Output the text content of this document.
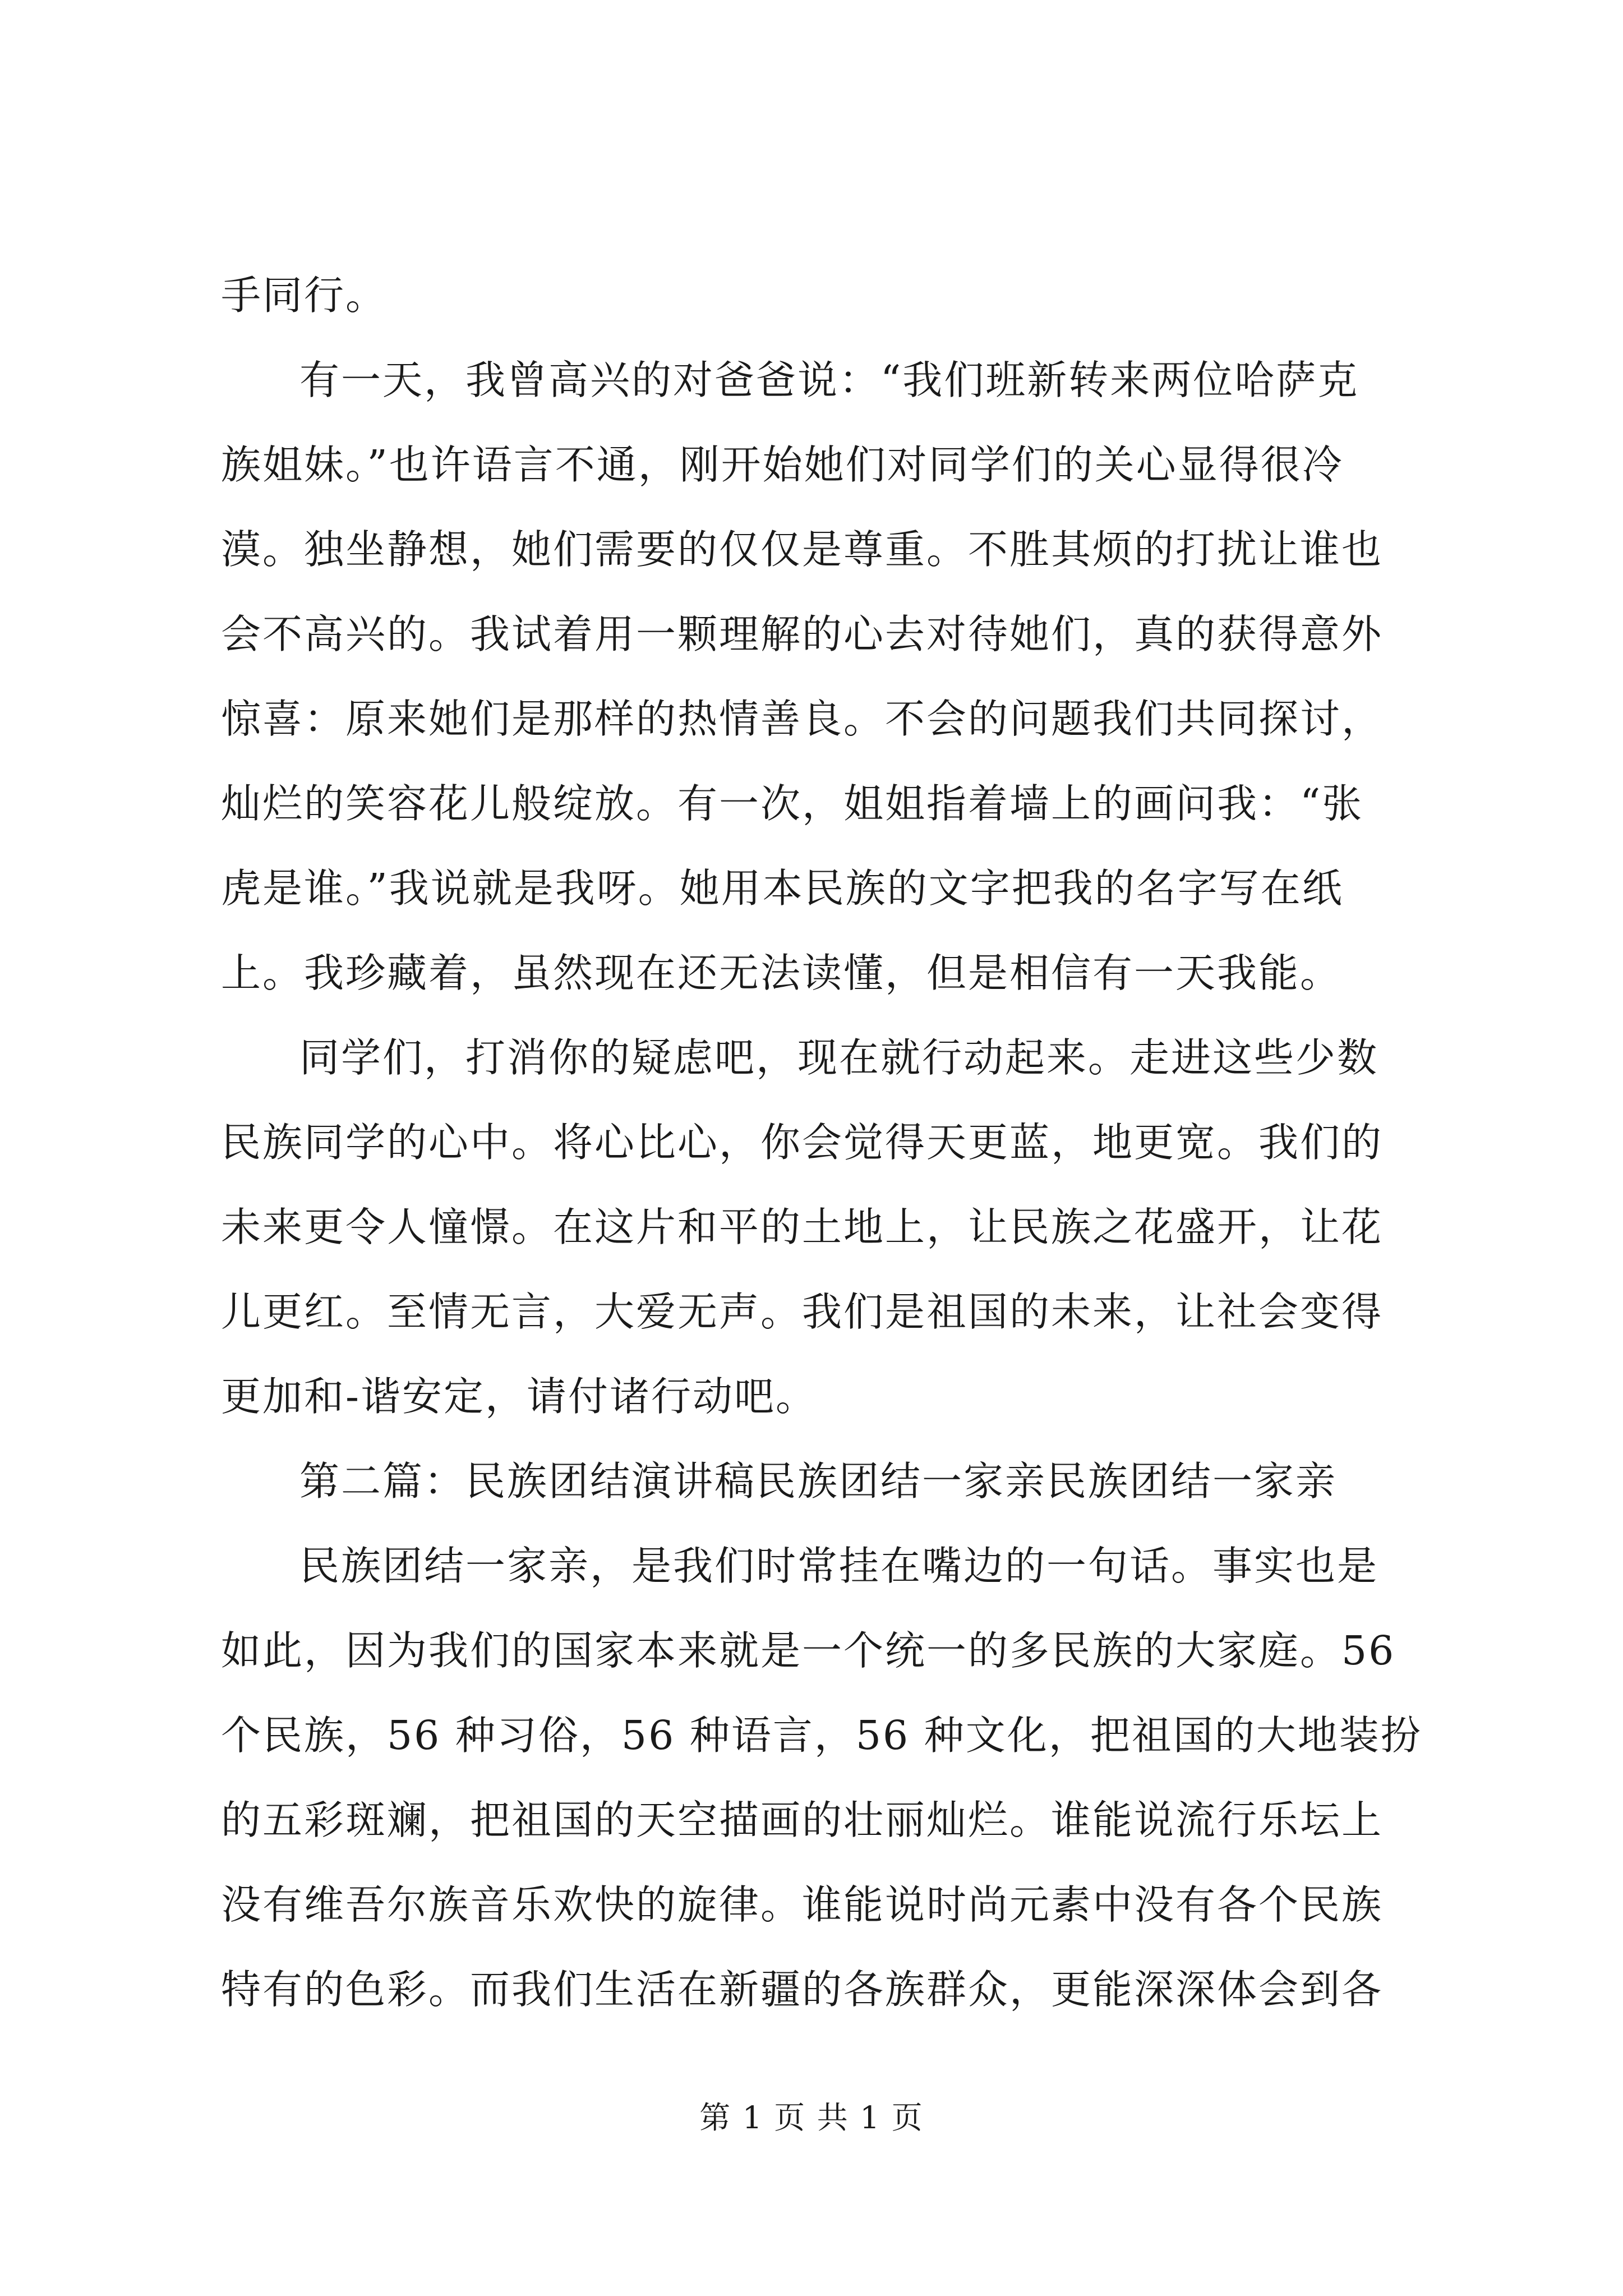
手同行。
有一天，我曾高兴的对爸爸说：“我们班新转来两位哈萨克
族姐妹。”也许语言不通，刚开始她们对同学们的关心显得很冷
漠。独坐静想，她们需要的仅仅是尊重。不胜其烦的打扰让谁也
会不高兴的。我试着用一颗理解的心去对待她们，真的获得意外
惊喜：原来她们是那样的热情善良。不会的问题我们共同探讨，
灿烂的笑容花儿般绽放。有一次，姐姐指着墙上的画问我：“张
虎是谁。”我说就是我呀。她用本民族的文字把我的名字写在纸
上。我珍藏着，虽然现在还无法读懂，但是相信有一天我能。
同学们，打消你的疑虑吧，现在就行动起来。走进这些少数
民族同学的心中。将心比心，你会觉得天更蓝，地更宽。我们的
未来更令人憧憬。在这片和平的土地上，让民族之花盛开，让花
儿更红。至情无言，大爱无声。我们是祖国的未来，让社会变得
更加和-谐安定，请付诸行动吧。
第二篇：民族团结演讲稿民族团结一家亲民族团结一家亲
民族团结一家亲，是我们时常挂在嘴边的一句话。事实也是
如此，因为我们的国家本来就是一个统一的多民族的大家庭。56
个民族，56 种习俗，56 种语言，56 种文化，把祖国的大地装扮
的五彩斑斓，把祖国的天空描画的壮丽灿烂。谁能说流行乐坛上
没有维吾尔族音乐欢快的旋律。谁能说时尚元素中没有各个民族
特有的色彩。而我们生活在新疆的各族群众，更能深深体会到各
第 1 页 共 1 页
